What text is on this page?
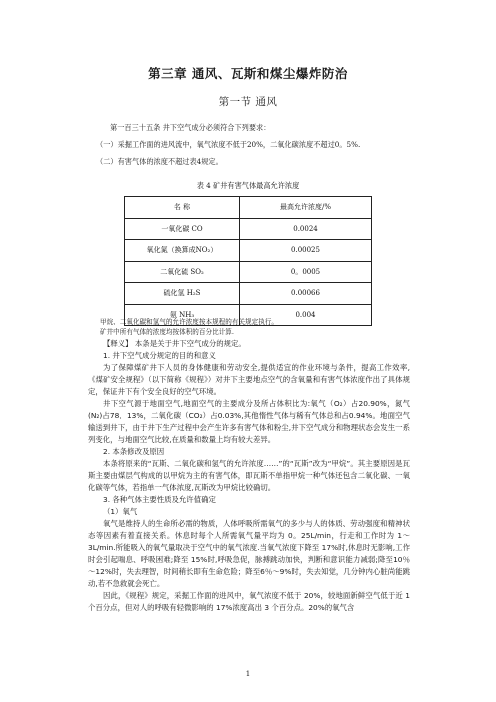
第三章 通风、瓦斯和煤尘爆炸防治
第一节 通风
第一百三十五条 井下空气成分必须符合下列要求：
（一）采掘工作面的进风流中，氧气浓度不低于20%，二氧化碳浓度不超过0。5%.
（二）有害气体的浓度不超过表4规定。
表 4 矿井有害气体最高允许浓度
名 称	最高允许浓度/%
一氧化碳 CO	0.0024
氧化氮（换算成NO₂）	0.00025
二氧化硫 SO₂	0。0005
硫化氢 H₂S	0.00066
氨 NH₃	0.004
甲烷、二氧化碳和氢气的允许浓度按本规程的有关规定执行。
矿井中所有气体的浓度均按体积的百分比计算.

【释义】 本条是关于井下空气成分的规定。

1. 井下空气成分规定的目的和意义

为了保障煤矿井下人员的身体健康和劳动安全,提供适宜的作业环境与条件，提高工作效率,《煤矿安全规程》（以下简称《规程》）对井下主要地点空气的含氧量和有害气体浓度作出了具体规定，保证井下有个安全良好的空气环境。

井下空气源于地面空气,地面空气的主要成分及所占体积比为:氧气（O₂）占20.90%，氮气(N₂)占78．13%，二氧化碳（CO₂）占0.03%,其他惰性气体与稀有气体总和占0.94%。地面空气输送到井下，由于井下生产过程中会产生许多有害气体和粉尘,井下空气成分和物理状态会发生一系列变化，与地面空气比较,在质量和数量上均有较大差异。

2. 本条修改及原因

本条将原来的“瓦斯、二氧化碳和氢气的允许浓度……”的“瓦斯”改为“甲烷”。其主要原因是瓦斯主要由煤层气构成的以甲烷为主的有害气体，即瓦斯不单指甲烷一种气体还包含二氧化碳、一氧化碳等气体，若指单一气体浓度,瓦斯改为甲烷比较确切。

3. 各种气体主要性质及允许值确定

（1）氧气

氧气是维持人的生命所必需的物质，人体呼吸所需氧气的多少与人的体质、劳动强度和精神状态等因素有着直接关系。休息时每个人所需氧气量平均为 0。25L/min，行走和工作时为 1～3L/min.所能吸入的氧气量取决于空气中的氧气浓度.当氧气浓度下降至 17%时,休息时无影响,工作时会引起喘息、呼吸困难;降至 15%时,呼吸急促，脉搏跳动加快，判断和意识能力减弱;降至10％～12%时，失去理智，时间稍长即有生命危险；降至6％～9%时，失去知觉，几分钟内心脏尚能跳动,若不急救就会死亡。

因此，《规程》规定，采掘工作面的进风中，氧气浓度不低于 20%，较地面新鲜空气低于近 1 个百分点，但对人的呼吸有轻微影响的 17%浓度高出 3 个百分点。20%的氧气含

1
